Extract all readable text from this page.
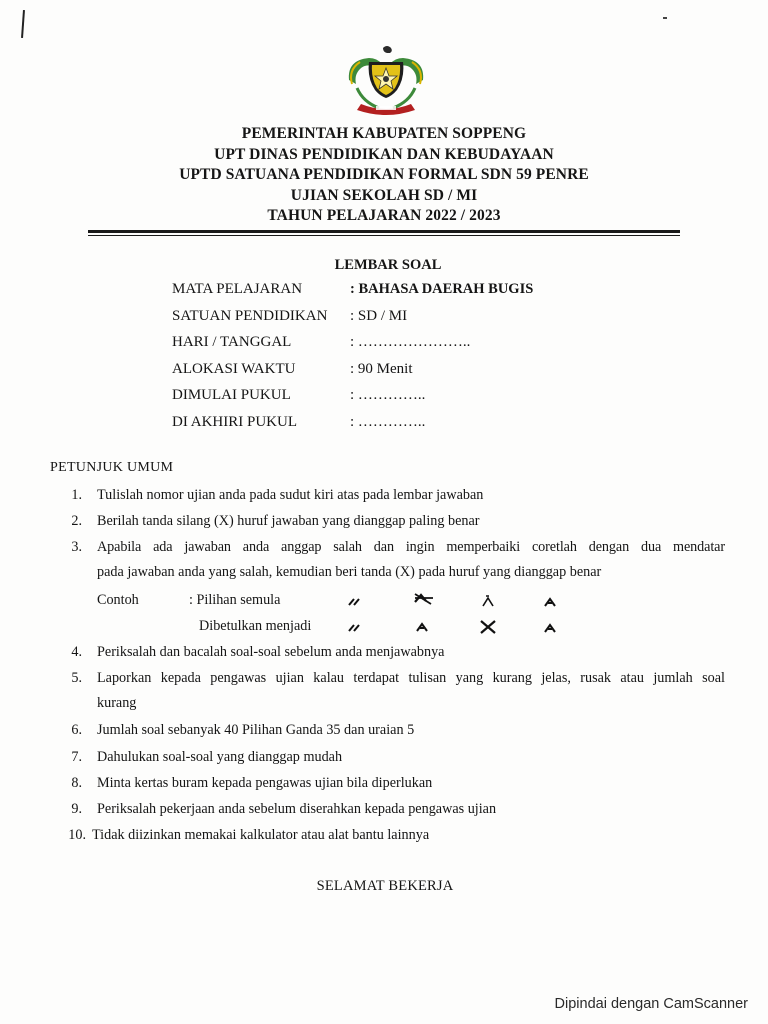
PEMERINTAH KABUPATEN SOPPENG
UPT DINAS PENDIDIKAN DAN KEBUDAYAAN
UPTD SATUANA PENDIDIKAN FORMAL SDN 59 PENRE
UJIAN SEKOLAH SD / MI
TAHUN PELAJARAN 2022 / 2023
LEMBAR SOAL
MATA PELAJARAN	: BAHASA DAERAH BUGIS
SATUAN PENDIDIKAN : SD / MI
HARI / TANGGAL	: …………………..
ALOKASI WAKTU	: 90 Menit
DIMULAI PUKUL	: …………..
DI AKHIRI PUKUL	: …………..
PETUNJUK UMUM
1. Tulislah nomor ujian anda pada sudut kiri atas pada lembar jawaban
2. Berilah tanda silang (X) huruf jawaban yang dianggap paling benar
3. Apabila ada jawaban anda anggap salah dan ingin memperbaiki coretlah dengan dua mendatar
pada jawaban anda yang salah, kemudian beri tanda (X) pada huruf yang dianggap benar
Contoh	: Pilihan semula
Dibetulkan menjadi
4. Periksalah dan bacalah soal-soal sebelum anda menjawabnya
5. Laporkan kepada pengawas ujian kalau terdapat tulisan yang kurang jelas, rusak atau jumlah soal
kurang
6. Jumlah soal sebanyak 40 Pilihan Ganda 35 dan uraian 5
7. Dahulukan soal-soal yang dianggap mudah
8. Minta kertas buram kepada pengawas ujian bila diperlukan
9. Periksalah pekerjaan anda sebelum diserahkan kepada pengawas ujian
10. Tidak diizinkan memakai kalkulator atau alat bantu lainnya
SELAMAT BEKERJA
Dipindai dengan CamScanner
